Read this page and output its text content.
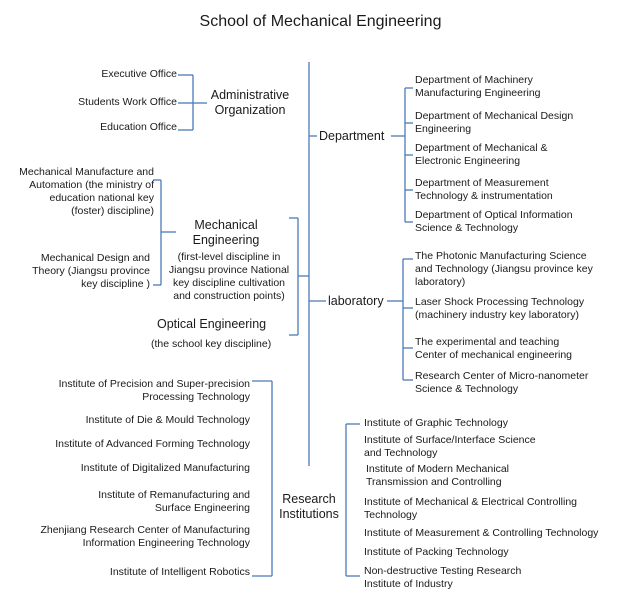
School of Mechanical Engineering
Executive Office
Students Work Office
Education Office
Administrative Organization
Department
Department of Machinery Manufacturing Engineering
Department of Mechanical Design Engineering
Department of Mechanical & Electronic Engineering
Department of Measurement Technology & instrumentation
Department of Optical Information Science & Technology
Mechanical Manufacture and Automation (the ministry of education national key (foster) discipline)
Mechanical Design and Theory (Jiangsu province key discipline )
Mechanical Engineering
(first-level discipline in Jiangsu province National key discipline cultivation and construction points)
Optical Engineering
(the school key discipline)
laboratory
The Photonic Manufacturing Science and Technology (Jiangsu province key laboratory)
Laser Shock Processing Technology (machinery industry key laboratory)
The experimental and teaching Center of mechanical engineering
Research Center of Micro-nanometer Science & Technology
Research Institutions
Institute of Precision and Super-precision Processing Technology
Institute of Die & Mould Technology
Institute of Advanced Forming Technology
Institute of Digitalized Manufacturing
Institute of Remanufacturing and Surface Engineering
Zhenjiang Research Center of Manufacturing Information Engineering Technology
Institute of Intelligent Robotics
Institute of Graphic Technology
Institute of Surface/Interface Science and Technology
Institute of Modern Mechanical Transmission and Controlling
Institute of Mechanical & Electrical Controlling Technology
Institute of Measurement & Controlling Technology
Institute of Packing Technology
Non-destructive Testing Research Institute of Industry
